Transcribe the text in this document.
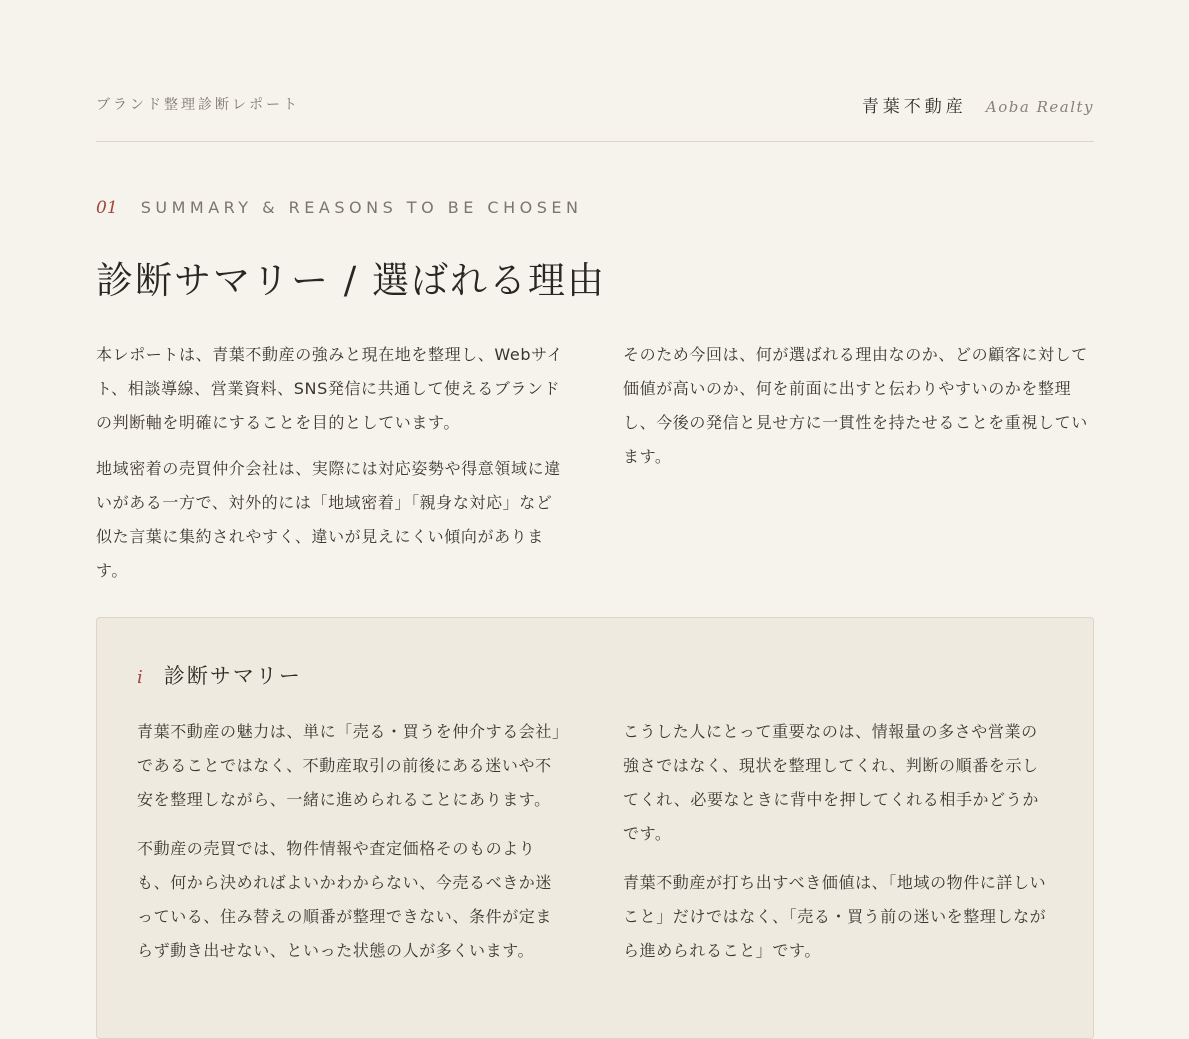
ブランド整理診断レポート	青葉不動産 Aoba Realty
01 SUMMARY & REASONS TO BE CHOSEN
診断サマリー / 選ばれる理由

本レポートは、青葉不動産の強みと現在地を整理し、Webサイト、相談導線、営業資料、SNS発信に共通して使えるブランドの判断軸を明確にすることを目的としています。

地域密着の売買仲介会社は、実際には対応姿勢や得意領域に違いがある一方で、対外的には「地域密着」「親身な対応」など似た言葉に集約されやすく、違いが見えにくい傾向があります。

そのため今回は、何が選ばれる理由なのか、どの顧客に対して価値が高いのか、何を前面に出すと伝わりやすいのかを整理し、今後の発信と見せ方に一貫性を持たせることを重視しています。

i 診断サマリー

青葉不動産の魅力は、単に「売る・買うを仲介する会社」であることではなく、不動産取引の前後にある迷いや不安を整理しながら、一緒に進められることにあります。

不動産の売買では、物件情報や査定価格そのものよりも、何から決めればよいかわからない、今売るべきか迷っている、住み替えの順番が整理できない、条件が定まらず動き出せない、といった状態の人が多くいます。

こうした人にとって重要なのは、情報量の多さや営業の強さではなく、現状を整理してくれ、判断の順番を示してくれ、必要なときに背中を押してくれる相手かどうかです。

青葉不動産が打ち出すべき価値は、「地域の物件に詳しいこと」だけではなく、「売る・買う前の迷いを整理しながら進められること」です。
